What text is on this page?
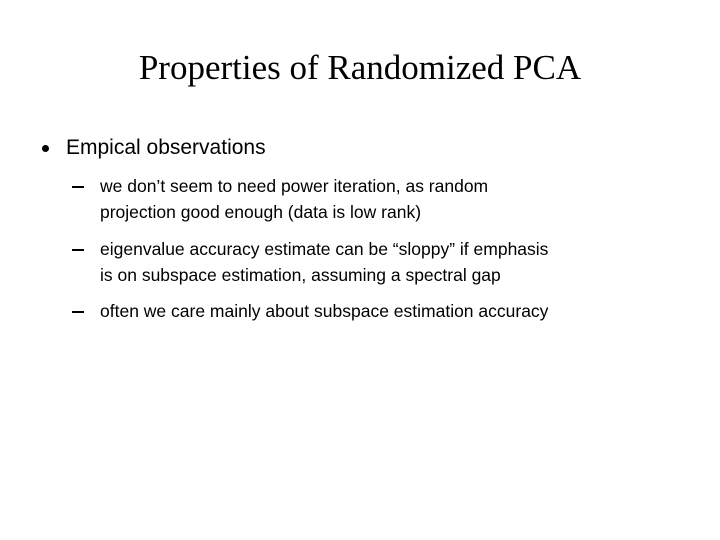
Properties of Randomized PCA
Empical observations
we don’t seem to need power iteration, as random
projection good enough (data is low rank)
eigenvalue accuracy estimate can be “sloppy” if emphasis
is on subspace estimation, assuming a spectral gap
often we care mainly about subspace estimation accuracy
